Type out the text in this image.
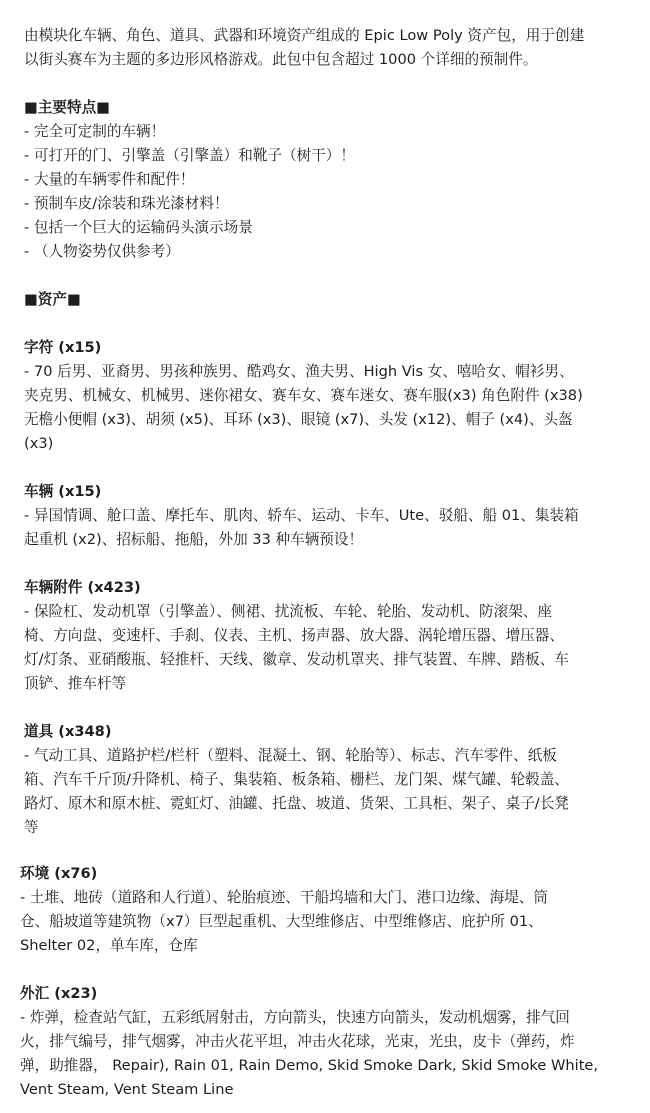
由模块化车辆、角色、道具、武器和环境资产组成的 Epic Low Poly 资产包，用于创建
以街头赛车为主题的多边形风格游戏。此包中包含超过 1000 个详细的预制件。
■主要特点■
- 完全可定制的车辆！
- 可打开的门、引擎盖（引擎盖）和靴子（树干）！
- 大量的车辆零件和配件！
- 预制车皮/涂装和珠光漆材料！
- 包括一个巨大的运输码头演示场景
- （人物姿势仅供参考）
■资产■
字符 (x15)
- 70 后男、亚裔男、男孩种族男、酷鸡女、渔夫男、High Vis 女、嘻哈女、帽衫男、
夹克男、机械女、机械男、迷你裙女、赛车女、赛车迷女、赛车服(x3) 角色附件 (x38)
无檐小便帽 (x3)、胡须 (x5)、耳环 (x3)、眼镜 (x7)、头发 (x12)、帽子 (x4)、头盔
(x3)
车辆 (x15)
- 异国情调、舱口盖、摩托车、肌肉、轿车、运动、卡车、Ute、驳船、船 01、集装箱
起重机 (x2)、招标船、拖船，外加 33 种车辆预设！
车辆附件 (x423)
- 保险杠、发动机罩（引擎盖）、侧裙、扰流板、车轮、轮胎、发动机、防滚架、座
椅、方向盘、变速杆、手刹、仪表、主机、扬声器、放大器、涡轮增压器、增压器、
灯/灯条、亚硝酸瓶、轻推杆、天线、徽章、发动机罩夹、排气装置、车牌、踏板、车
顶铲、推车杆等
道具 (x348)
- 气动工具、道路护栏/栏杆（塑料、混凝土、钢、轮胎等）、标志、汽车零件、纸板
箱、汽车千斤顶/升降机、椅子、集装箱、板条箱、栅栏、龙门架、煤气罐、轮毂盖、
路灯、原木和原木桩、霓虹灯、油罐、托盘、坡道、货架、工具柜、架子、桌子/长凳
等
环境 (x76)
- 土堆、地砖（道路和人行道）、轮胎痕迹、干船坞墙和大门、港口边缘、海堤、筒
仓、船坡道等建筑物（x7）巨型起重机、大型维修店、中型维修店、庇护所 01、
Shelter 02，单车库，仓库
外汇 (x23)
- 炸弹，检查站气缸，五彩纸屑射击，方向箭头，快速方向箭头，发动机烟雾，排气回
火，排气编号，排气烟雾，冲击火花平坦，冲击火花球，光束，光虫，皮卡（弹药，炸
弹，助推器， Repair), Rain 01, Rain Demo, Skid Smoke Dark, Skid Smoke White,
Vent Steam, Vent Steam Line
